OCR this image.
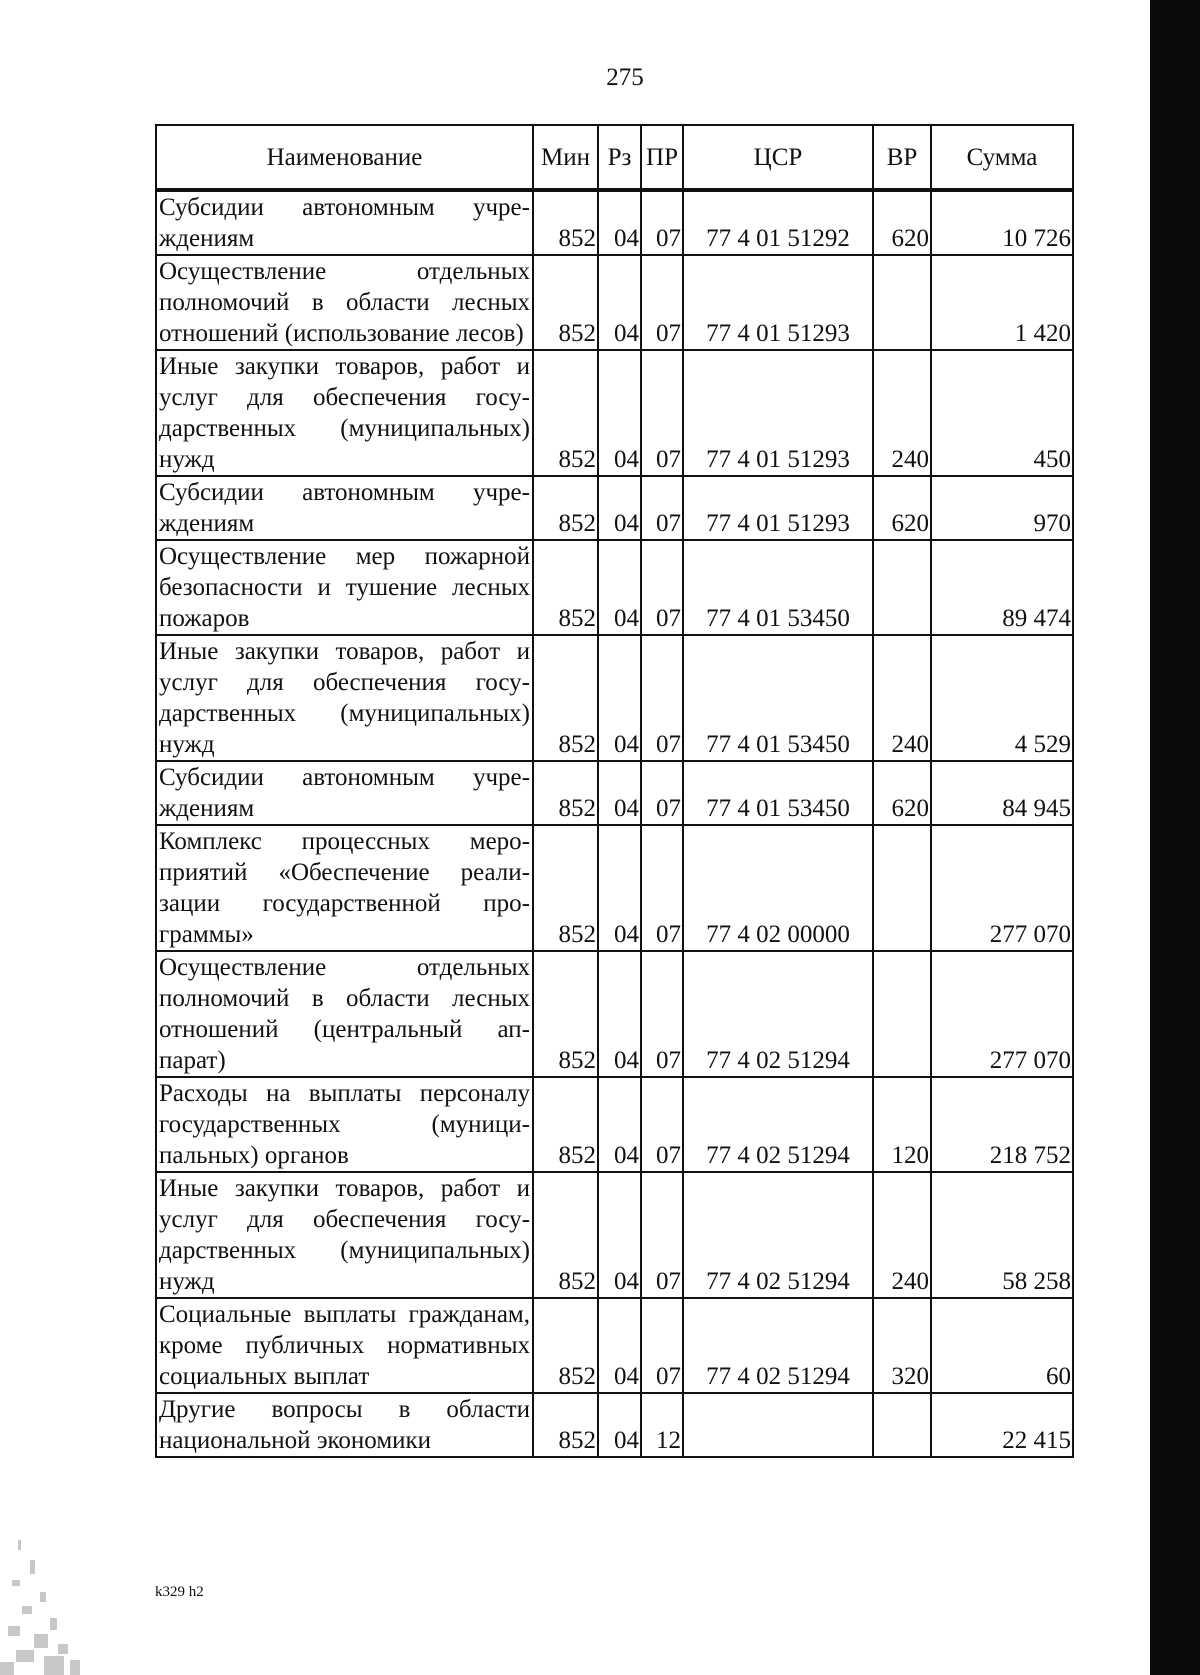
275
Наименование	Мин	Рз	ПР	ЦСР	ВР	Сумма
Субсидии автономным учреждениям	852	04	07	77 4 01 51292	620	10 726
Осуществление отдельных полномочий в области лесных отношений (использование лесов)	852	04	07	77 4 01 51293		1 420
Иные закупки товаров, работ и услуг для обеспечения государственных (муниципальных) нужд	852	04	07	77 4 01 51293	240	450
Субсидии автономным учреждениям	852	04	07	77 4 01 51293	620	970
Осуществление мер пожарной безопасности и тушение лесных пожаров	852	04	07	77 4 01 53450		89 474
Иные закупки товаров, работ и услуг для обеспечения государственных (муниципальных) нужд	852	04	07	77 4 01 53450	240	4 529
Субсидии автономным учреждениям	852	04	07	77 4 01 53450	620	84 945
Комплекс процессных мероприятий «Обеспечение реализации государственной программы»	852	04	07	77 4 02 00000		277 070
Осуществление отдельных полномочий в области лесных отношений (центральный аппарат)	852	04	07	77 4 02 51294		277 070
Расходы на выплаты персоналу государственных (муниципальных) органов	852	04	07	77 4 02 51294	120	218 752
Иные закупки товаров, работ и услуг для обеспечения государственных (муниципальных) нужд	852	04	07	77 4 02 51294	240	58 258
Социальные выплаты гражданам, кроме публичных нормативных социальных выплат	852	04	07	77 4 02 51294	320	60
Другие вопросы в области национальной экономики	852	04	12			22 415
k329 h2
